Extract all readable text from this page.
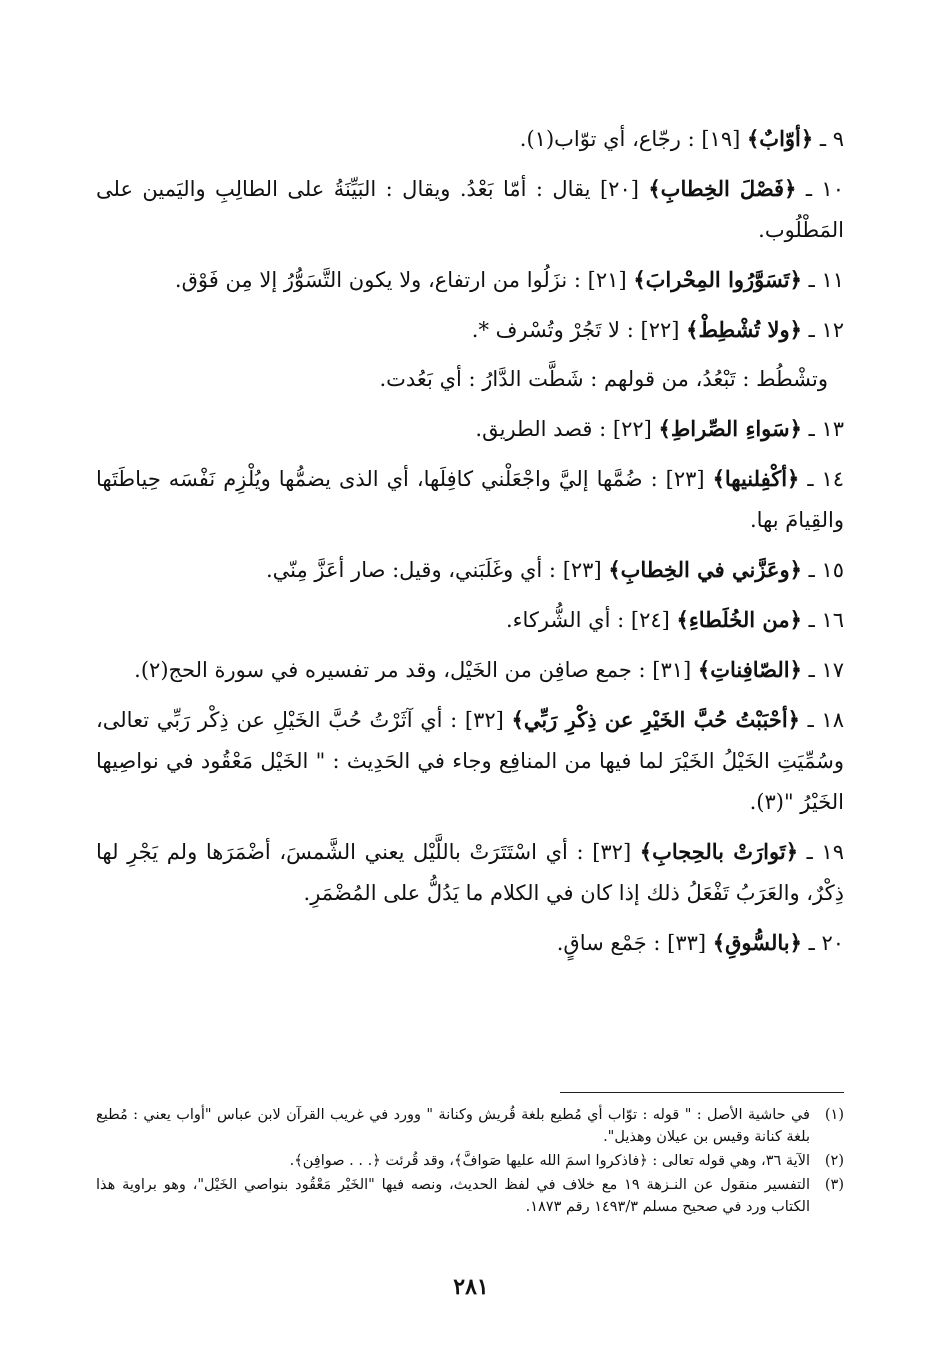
٩ ـ ﴿أوّابٌ﴾ [١٩] : رجّاع، أي توّاب(١).

١٠ ـ ﴿فَصْلَ الخِطابِ﴾ [٢٠] يقال : أمّا بَعْدُ. ويقال : البَيِّنَةُ على الطالِبِ واليَمين على المَطْلُوب.

١١ ـ ﴿تَسَوَّرُوا المِحْرابَ﴾ [٢١] : نزَلُوا من ارتفاع، ولا يكون التَّسَوُّرُ إلا مِن فَوْق.

١٢ ـ ﴿ولا تُشْطِطْ﴾ [٢٢] : لا تَجُرْ وتُسْرف *.

وتشْطُط : تَبْعُدُ، من قولهم : شَطَّت الدَّارُ : أي بَعُدت.

١٣ ـ ﴿سَواءِ الصِّراطِ﴾ [٢٢] : قصد الطريق.

١٤ ـ ﴿أكْفِلنيها﴾ [٢٣] : ضُمَّها إليَّ واجْعَلْني كافِلَها، أي الذى يضمُّها ويُلْزِم نَفْسَه حِياطَتَها والقِيامَ بها.

١٥ ـ ﴿وعَزَّني في الخِطابِ﴾ [٢٣] : أي وغَلَبَني، وقيل: صار أعَزَّ مِنّي.

١٦ ـ ﴿من الخُلَطاءِ﴾ [٢٤] : أي الشُّركاء.

١٧ ـ ﴿الصّافِناتِ﴾ [٣١] : جمع صافِن من الخَيْل، وقد مر تفسيره في سورة الحج(٢).

١٨ ـ ﴿أحْبَبْتُ حُبَّ الخَيْرِ عن ذِكْرِ رَبِّي﴾ [٣٢] : أي آثَرْتُ حُبَّ الخَيْلِ عن ذِكْر رَبِّي تعالى، وسُمِّيَتِ الخَيْلُ الخَيْرَ لما فيها من المنافِع وجاء في الحَدِيث : " الخَيْل مَعْقُود في نواصِيها الخَيْرُ "(٣).

١٩ ـ ﴿تَوارَتْ بالحِجابِ﴾ [٣٢] : أي اسْتَتَرَتْ باللَّيْل يعني الشَّمسَ، أضْمَرَها ولم يَجْرِ لها ذِكْرٌ، والعَرَبُ تَفْعَلُ ذلك إذا كان في الكلام ما يَدُلُّ على المُضْمَرِ.

٢٠ ـ ﴿بالسُّوقِ﴾ [٣٣] : جَمْع ساقٍ.

(١)
في حاشية الأصل : " قوله : توّاب أي مُطيع بلغة قُريش وكنانة " وورد في غريب القرآن لابن عباس "أواب يعني : مُطيع بلغة كنانة وقيس بن عيلان وهذيل".
(٢)
الآية ٣٦، وهي قوله تعالى : ﴿فاذكروا اسمَ الله عليها صَوافَّ﴾، وقد قُرئت ﴿. . . صوافِن﴾.
(٣)
التفسير منقول عن النـزهة ١٩ مع خلاف في لفظ الحديث، ونصه فيها "الخَيْر مَعْقُود بنواصي الخَيْل"، وهو براوية هذا الكتاب ورد في صحيح مسلم ١٤٩٣/٣ رقم ١٨٧٣.
٢٨١
